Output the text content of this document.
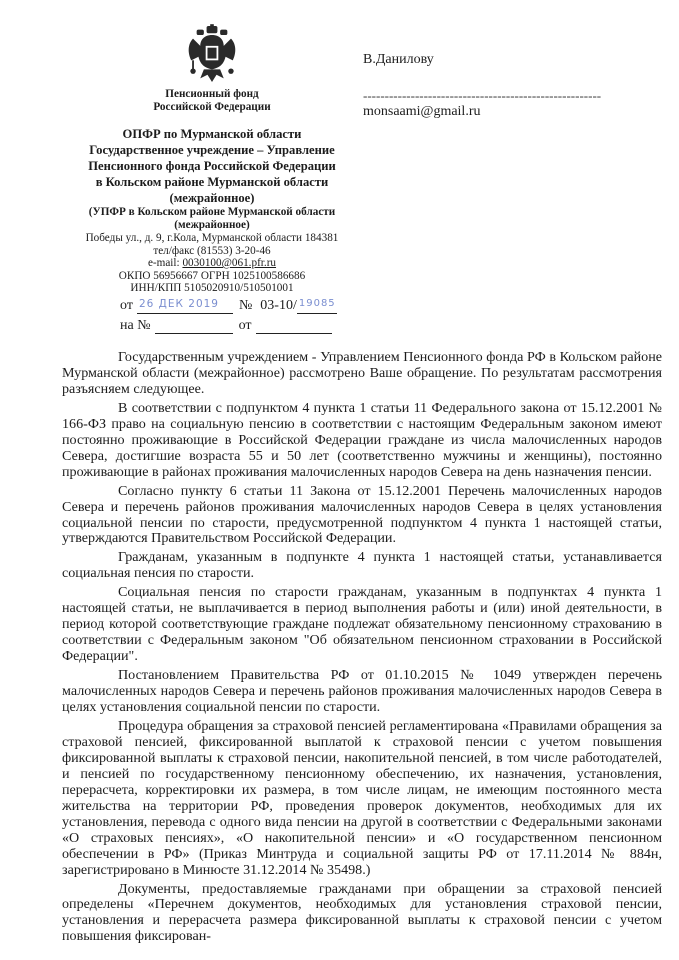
Пенсионный фонд
Российской Федерации
ОПФР по Мурманской области
Государственное учреждение – Управление
Пенсионного фонда Российской Федерации
в Кольском районе Мурманской области
(межрайонное)
(УПФР в Кольском районе Мурманской области
(межрайонное)
Победы ул., д. 9, г.Кола, Мурманской области 184381
тел/факс (81553) 3-20-46
e-mail: 0030100@061.pfr.ru
ОКПО 56956667 ОГРН 1025100586686
ИНН/КПП 5105020910/510501001
от 26 ДЕК 2019 № 03-10/ 19085
на №	от
В.Данилову
-------------------------------------------------------
monsaami@gmail.ru

Государственным учреждением - Управлением Пенсионного фонда РФ в Кольском районе Мурманской области (межрайонное) рассмотрено Ваше обращение. По результатам рассмотрения разъясняем следующее.

В соответствии с подпунктом 4 пункта 1 статьи 11 Федерального закона от 15.12.2001 № 166-ФЗ право на социальную пенсию в соответствии с настоящим Федеральным законом имеют постоянно проживающие в Российской Федерации граждане из числа малочисленных народов Севера, достигшие возраста 55 и 50 лет (соответственно мужчины и женщины), постоянно проживающие в районах проживания малочисленных народов Севера на день назначения пенсии.

Согласно пункту 6 статьи 11 Закона от 15.12.2001 Перечень малочисленных народов Севера и перечень районов проживания малочисленных народов Севера в целях установления социальной пенсии по старости, предусмотренной подпунктом 4 пункта 1 настоящей статьи, утверждаются Правительством Российской Федерации.

Гражданам, указанным в подпункте 4 пункта 1 настоящей статьи, устанавливается социальная пенсия по старости.

Социальная пенсия по старости гражданам, указанным в подпунктах 4 пункта 1 настоящей статьи, не выплачивается в период выполнения работы и (или) иной деятельности, в период которой соответствующие граждане подлежат обязательному пенсионному страхованию в соответствии с Федеральным законом "Об обязательном пенсионном страховании в Российской Федерации".

Постановлением Правительства РФ от 01.10.2015 № 1049 утвержден перечень малочисленных народов Севера и перечень районов проживания малочисленных народов Севера в целях установления социальной пенсии по старости.

Процедура обращения за страховой пенсией регламентирована «Правилами обращения за страховой пенсией, фиксированной выплатой к страховой пенсии с учетом повышения фиксированной выплаты к страховой пенсии, накопительной пенсией, в том числе работодателей, и пенсией по государственному пенсионному обеспечению, их назначения, установления, перерасчета, корректировки их размера, в том числе лицам, не имеющим постоянного места жительства на территории РФ, проведения проверок документов, необходимых для их установления, перевода с одного вида пенсии на другой в соответствии с Федеральными законами «О страховых пенсиях», «О накопительной пенсии» и «О государственном пенсионном обеспечении в РФ» (Приказ Минтруда и социальной защиты РФ от 17.11.2014 № 884н, зарегистрировано в Минюсте 31.12.2014 № 35498.)

Документы, предоставляемые гражданами при обращении за страховой пенсией определены «Перечнем документов, необходимых для установления страховой пенсии, установления и перерасчета размера фиксированной выплаты к страховой пенсии с учетом повышения фиксирован-
